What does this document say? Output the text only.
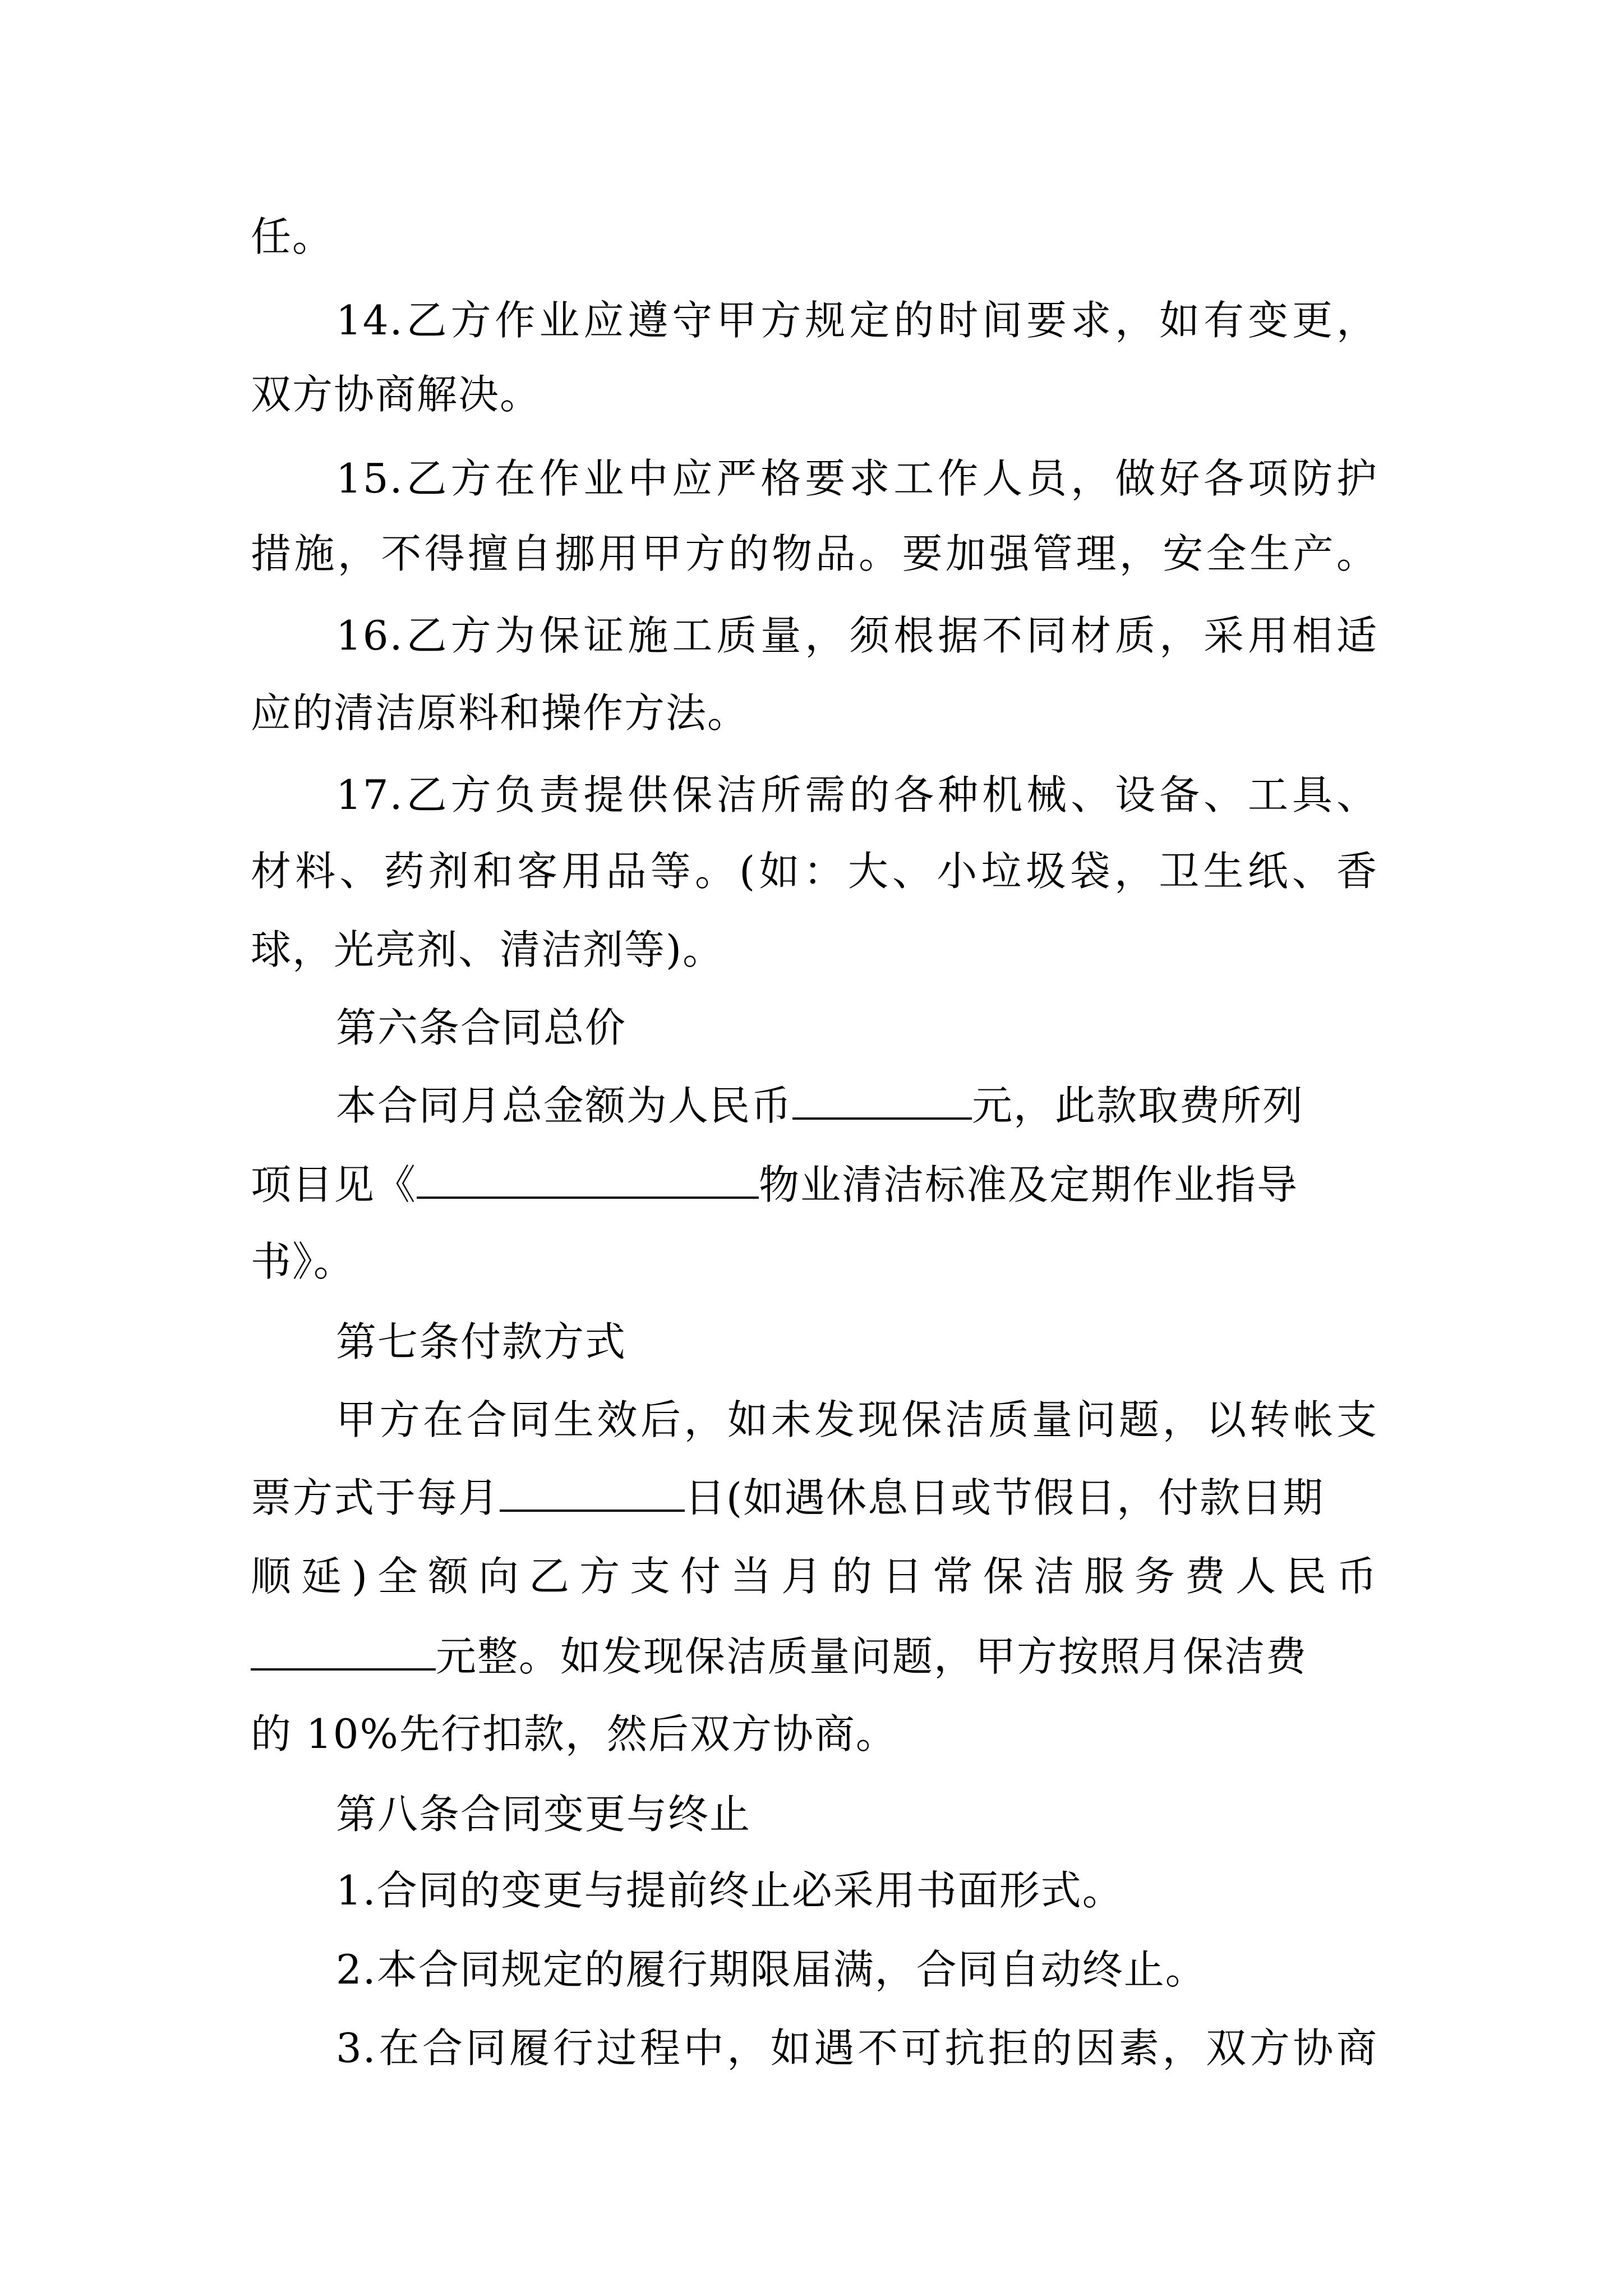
任。
14.乙方作业应遵守甲方规定的时间要求，如有变更，
双方协商解决。
15.乙方在作业中应严格要求工作人员，做好各项防护
措施，不得擅自挪用甲方的物品。要加强管理，安全生产。
16.乙方为保证施工质量，须根据不同材质，采用相适
应的清洁原料和操作方法。
17.乙方负责提供保洁所需的各种机械、设备、工具、
材料、药剂和客用品等。(如：大、小垃圾袋，卫生纸、香
球，光亮剂、清洁剂等)。
第六条合同总价
本合同月总金额为人民币	元，此款取费所列
项目见《	物业清洁标准及定期作业指导
书》。
第七条付款方式
甲方在合同生效后，如未发现保洁质量问题，以转帐支
票方式于每月	日(如遇休息日或节假日，付款日期
顺延)全额向乙方支付当月的日常保洁服务费人民币
元整。如发现保洁质量问题，甲方按照月保洁费
的 10%先行扣款，然后双方协商。
第八条合同变更与终止
1.合同的变更与提前终止必采用书面形式。
2.本合同规定的履行期限届满，合同自动终止。
3.在合同履行过程中，如遇不可抗拒的因素，双方协商
